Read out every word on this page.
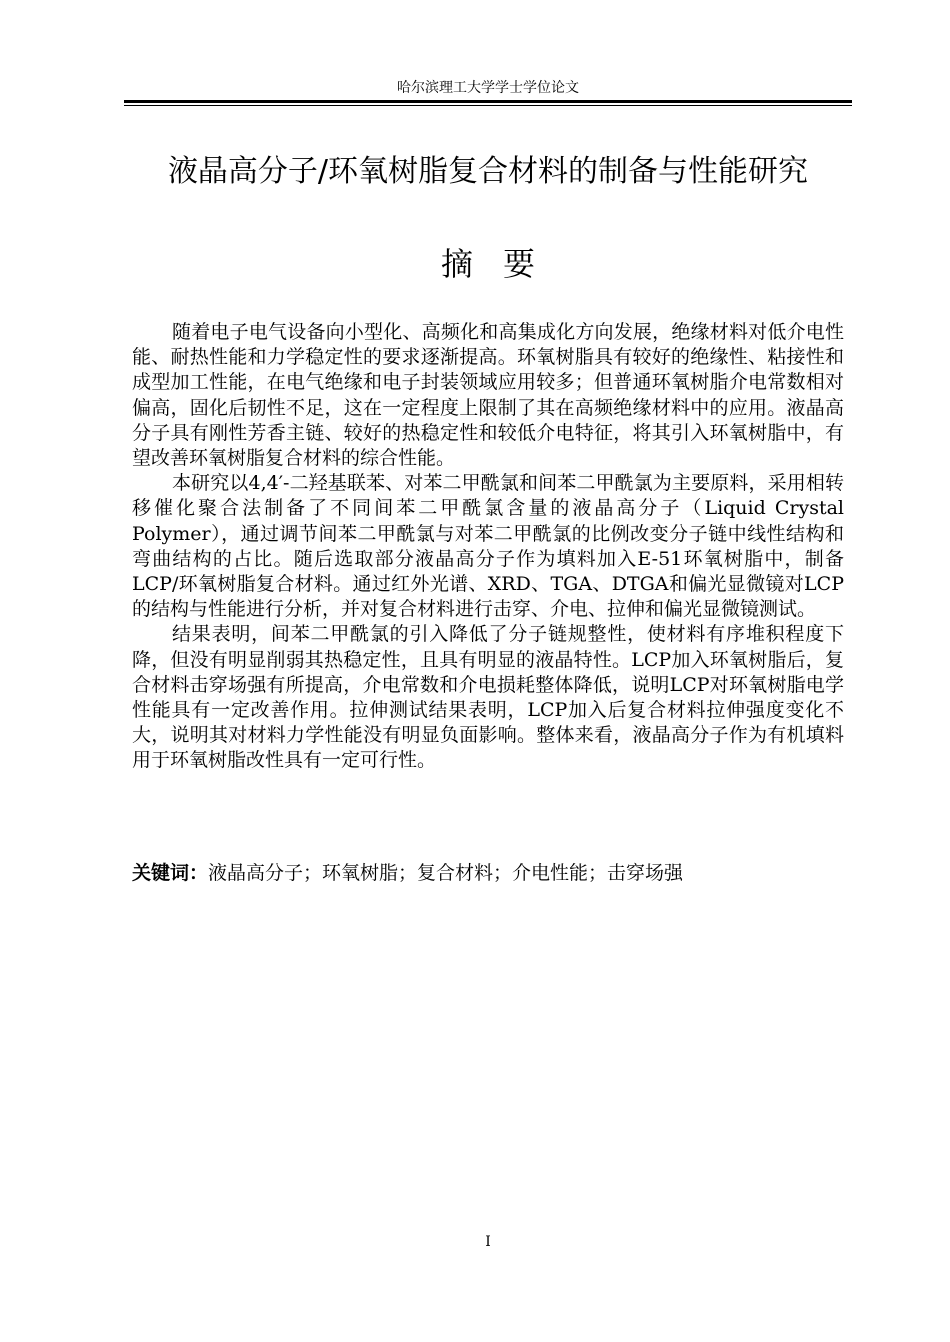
哈尔滨理工大学学士学位论文
液晶高分子/环氧树脂复合材料的制备与性能研究
摘要

随着电子电气设备向小型化、高频化和高集成化方向发展，绝缘材料对低介电性能、耐热性能和力学稳定性的要求逐渐提高。环氧树脂具有较好的绝缘性、粘接性和成型加工性能，在电气绝缘和电子封装领域应用较多；但普通环氧树脂介电常数相对偏高，固化后韧性不足，这在一定程度上限制了其在高频绝缘材料中的应用。液晶高分子具有刚性芳香主链、较好的热稳定性和较低介电特征，将其引入环氧树脂中，有望改善环氧树脂复合材料的综合性能。

本研究以4,4′-二羟基联苯、对苯二甲酰氯和间苯二甲酰氯为主要原料，采用相转移催化聚合法制备了不同间苯二甲酰氯含量的液晶高分子（Liquid Crystal Polymer），通过调节间苯二甲酰氯与对苯二甲酰氯的比例改变分子链中线性结构和弯曲结构的占比。随后选取部分液晶高分子作为填料加入E-51环氧树脂中，制备LCP/环氧树脂复合材料。通过红外光谱、XRD、TGA、DTGA和偏光显微镜对LCP的结构与性能进行分析，并对复合材料进行击穿、介电、拉伸和偏光显微镜测试。

结果表明，间苯二甲酰氯的引入降低了分子链规整性，使材料有序堆积程度下降，但没有明显削弱其热稳定性，且具有明显的液晶特性。LCP加入环氧树脂后，复合材料击穿场强有所提高，介电常数和介电损耗整体降低，说明LCP对环氧树脂电学性能具有一定改善作用。拉伸测试结果表明，LCP加入后复合材料拉伸强度变化不大，说明其对材料力学性能没有明显负面影响。整体来看，液晶高分子作为有机填料用于环氧树脂改性具有一定可行性。

关键词：液晶高分子；环氧树脂；复合材料；介电性能；击穿场强
I
